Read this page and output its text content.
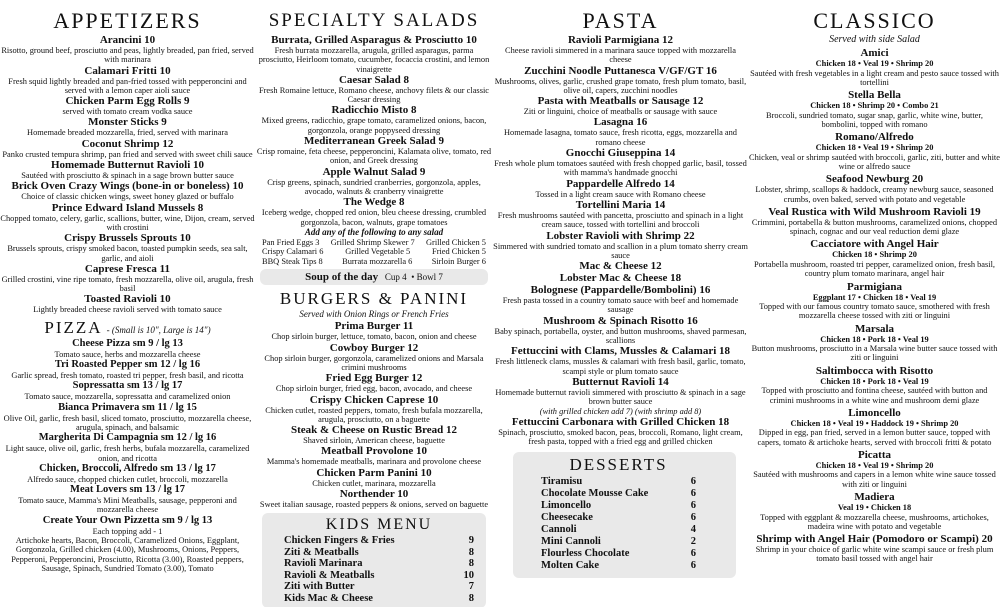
APPETIZERS
Arancini 10
Risotto, ground beef, prosciutto and peas, lightly breaded, pan fried, served with marinara
Calamari Fritti 10
Fresh squid lightly breaded and pan-fried tossed with pepperoncini and served with a lemon caper aioli sauce
Chicken Parm Egg Rolls 9
served with tomato cream vodka sauce
Monster Sticks 9
Homemade breaded mozzarella, fried, served with marinara
Coconut Shrimp 12
Panko crusted tempura shrimp, pan fried and served with sweet chili sauce
Homemade Butternut Ravioli 10
Sautéed with prosciutto & spinach in a sage brown butter sauce
Brick Oven Crazy Wings (bone-in or boneless) 10
Choice of classic chicken wings, sweet honey glazed or buffalo
Prince Edward Island Mussels 8
Chopped tomato, celery, garlic, scallions, butter, wine, Dijon, cream, served with crostini
Crispy Brussels Sprouts 10
Brussels sprouts, crispy smoked bacon, toasted pumpkin seeds, sea salt, garlic, and aioli
Caprese Fresca 11
Grilled crostini, vine ripe tomato, fresh mozzarella, olive oil, arugula, fresh basil
Toasted Ravioli 10
Lightly breaded cheese ravioli served with tomato sauce
PIZZA - (Small is 10", Large is 14")
Cheese Pizza sm 9 / lg 13
Tomato sauce, herbs and mozzarella cheese
Tri Roasted Pepper sm 12 / lg 16
Garlic spread, fresh tomato, roasted tri pepper, fresh basil, and ricotta
Sopressatta sm 13 / lg 17
Tomato sauce, mozzarella, sopressatta and caramelized onion
Bianca Primavera sm 11 / lg 15
Olive Oil, garlic, fresh basil, sliced tomato, prosciutto, mozzarella cheese, arugula, spinach, and balsamic
Margherita Di Campagnia sm 12 / lg 16
Light sauce, olive oil, garlic, fresh herbs, bufala mozzarella, caramelized onion, and ricotta
Chicken, Broccoli, Alfredo sm 13 / lg 17
Alfredo sauce, chopped chicken cutlet, broccoli, mozzarella
Meat Lovers sm 13 / lg 17
Tomato sauce, Mamma's Mini Meatballs, sausage, pepperoni and mozzarella cheese
Create Your Own Pizzetta sm 9 / lg 13
Each topping add - 1
Artichoke hearts, Bacon, Broccoli, Caramelized Onions, Eggplant, Gorgonzola, Grilled chicken (4.00), Mushrooms, Onions, Peppers, Pepperoni, Pepperoncini, Prosciutto, Ricotta (3.00), Roasted peppers, Sausage, Spinach, Sundried Tomato (3.00), Tomato
SPECIALTY SALADS
Burrata, Grilled Asparagus & Prosciutto 10
Fresh burrata mozzarella, arugula, grilled asparagus, parma prosciutto, Heirloom tomato, cucumber, focaccia crostini, and lemon vinaigrette
Caesar Salad 8
Fresh Romaine lettuce, Romano cheese, anchovy filets & our classic Caesar dressing
Radicchio Misto 8
Mixed greens, radicchio, grape tomato, caramelized onions, bacon, gorgonzola, orange poppyseed dressing
Mediterranean Greek Salad 9
Crisp romaine, feta cheese, pepperoncini, Kalamata olive, tomato, red onion, and Greek dressing
Apple Walnut Salad 9
Crisp greens, spinach, sundried cranberries, gorgonzola, apples, avocado, walnuts & cranberry vinaigrette
The Wedge 8
Iceberg wedge, chopped red onion, bleu cheese dressing, crumbled gorgonzola, bacon, walnuts, grape tomatoes
Add any of the following to any salad
Pan Fried Eggs 3 Grilled Shrimp Skewer 7 Grilled Chicken 5
Crispy Calamari 6	Grilled Vegetable 5	Fried Chicken 5
BBQ Steak Tips 8 Burrata mozzarella 6 Sirloin Burger 6
Soup of the day Cup 4  • Bowl 7
BURGERS & PANINI
Served with Onion Rings or French Fries
Prima Burger 11
Chop sirloin burger, lettuce, tomato, bacon, onion and cheese
Cowboy Burger 12
Chop sirloin burger, gorgonzola, caramelized onions and Marsala crimini mushrooms
Fried Egg Burger 12
Chop sirloin burger, fried egg, bacon, avocado, and cheese
Crispy Chicken Caprese 10
Chicken cutlet, roasted peppers, tomato, fresh bufala mozzarella, arugula, prosciutto, on a baguette
Steak & Cheese on Rustic Bread 12
Shaved sirloin, American cheese, baguette
Meatball Provolone 10
Mamma's homemade meatballs, marinara and provolone cheese
Chicken Parm Panini 10
Chicken cutlet, marinara, mozzarella
Northender 10
Sweet italian sausage, roasted peppers & onions, served on baguette
KIDS MENU
Chicken Fingers & Fries	9
Ziti & Meatballs	8
Ravioli Marinara	8
Ravioli & Meatballs	10
Ziti with Butter	7
Kids Mac & Cheese	8
PASTA
Ravioli Parmigiana 12
Cheese ravioli simmered in a marinara sauce topped with mozzarella cheese
Zucchini Noodle Puttanesca V/GF/GT 16
Mushrooms, olives, garlic, crushed grape tomato, fresh plum tomato, basil, olive oil, capers, zucchini noodles
Pasta with Meatballs or Sausage 12
Ziti or linguini, choice of meatballs or sausage with sauce
Lasagna 16
Homemade lasagna, tomato sauce, fresh ricotta, eggs, mozzarella and romano cheese
Gnocchi Giuseppina 14
Fresh whole plum tomatoes sautéed with fresh chopped garlic, basil, tossed with mamma's handmade gnocchi
Pappardelle Alfredo 14
Tossed in a light cream sauce with Romano cheese
Tortellini Maria 14
Fresh mushrooms sautéed with pancetta, prosciutto and spinach in a light cream sauce, tossed with tortellini and broccoli
Lobster Ravioli with Shrimp 22
Simmered with sundried tomato and scallion in a plum tomato sherry cream sauce
Mac & Cheese 12
Lobster Mac & Cheese 18
Bolognese (Pappardelle/Bombolini) 16
Fresh pasta tossed in a country tomato sauce with beef and homemade sausage
Mushroom & Spinach Risotto 16
Baby spinach, portabella, oyster, and button mushrooms, shaved parmesan, scallions
Fettuccini with Clams, Mussles & Calamari 18
Fresh littleneck clams, mussles & calamari with fresh basil, garlic, tomato, scampi style or plum tomato sauce
Butternut Ravioli 14
Homemade butternut ravioli simmered with prosciutto & spinach in a sage brown butter sauce
(with grilled chicken add 7) (with shrimp add 8)
Fettuccini Carbonara with Grilled Chicken 18
Spinach, prosciutto, smoked bacon, peas, broccoli, Romano, light cream, fresh pasta, topped with a fried egg and grilled chicken
DESSERTS
Tiramisu	6
Chocolate Mousse Cake	6
Limoncello	6
Cheesecake	6
Cannoli	4
Mini Cannoli	2
Flourless Chocolate	6
Molten Cake	6
CLASSICO
Served with side Salad
Amici
Chicken 18 • Veal 19 • Shrimp 20
Sautéed with fresh vegetables in a light cream and pesto sauce tossed with tortellini
Stella Bella
Chicken 18 • Shrimp 20 • Combo 21
Broccoli, sundried tomato, sugar snap, garlic, white wine, butter, bombolini, topped with romano
Romano/Alfredo
Chicken 18 • Veal 19 • Shrimp 20
Chicken, veal or shrimp sautéed with broccoli, garlic, ziti, butter and white wine or alfredo sauce
Seafood Newburg 20
Lobster, shrimp, scallops & haddock, creamy newburg sauce, seasoned crumbs, oven baked, served with potato and vegetable
Veal Rustica with Wild Mushroom Ravioli 19
Crimmini, portabella & button mushrooms, caramelized onions, chopped spinach, cognac and our veal reduction demi glaze
Cacciatore with Angel Hair
Chicken 18 • Shrimp 20
Portabella mushroom, roasted tri pepper, caramelized onion, fresh basil, country plum tomato marinara, angel hair
Parmigiana
Eggplant 17 • Chicken 18 • Veal 19
Topped with our famous country tomato sauce, smothered with fresh mozzarella cheese tossed with ziti or linguini
Marsala
Chicken 18 • Pork 18 • Veal 19
Button mushrooms, prosciutto in a Marsala wine butter sauce tossed with ziti or linguini
Saltimbocca with Risotto
Chicken 18 • Pork 18 • Veal 19
Topped with prosciutto and fontina cheese, sautéed with button and crimini mushrooms in a white wine and mushroom demi glaze
Limoncello
Chicken 18 • Veal 19 • Haddock 19 • Shrimp 20
Dipped in egg, pan fried, served in a lemon butter sauce, topped with capers, tomato & artichoke hearts, served with broccoli fritti & potato
Picatta
Chicken 18 • Veal 19 • Shrimp 20
Sautéed with mushrooms and capers in a lemon white wine sauce tossed with ziti or linguini
Madiera
Veal 19 • Chicken 18
Topped with eggplant & mozzarella cheese, mushrooms, artichokes, madeira wine with potato and vegetable
Shrimp with Angel Hair (Pomodoro or Scampi) 20
Shrimp in your choice of garlic white wine scampi sauce or fresh plum tomato basil tossed with angel hair
